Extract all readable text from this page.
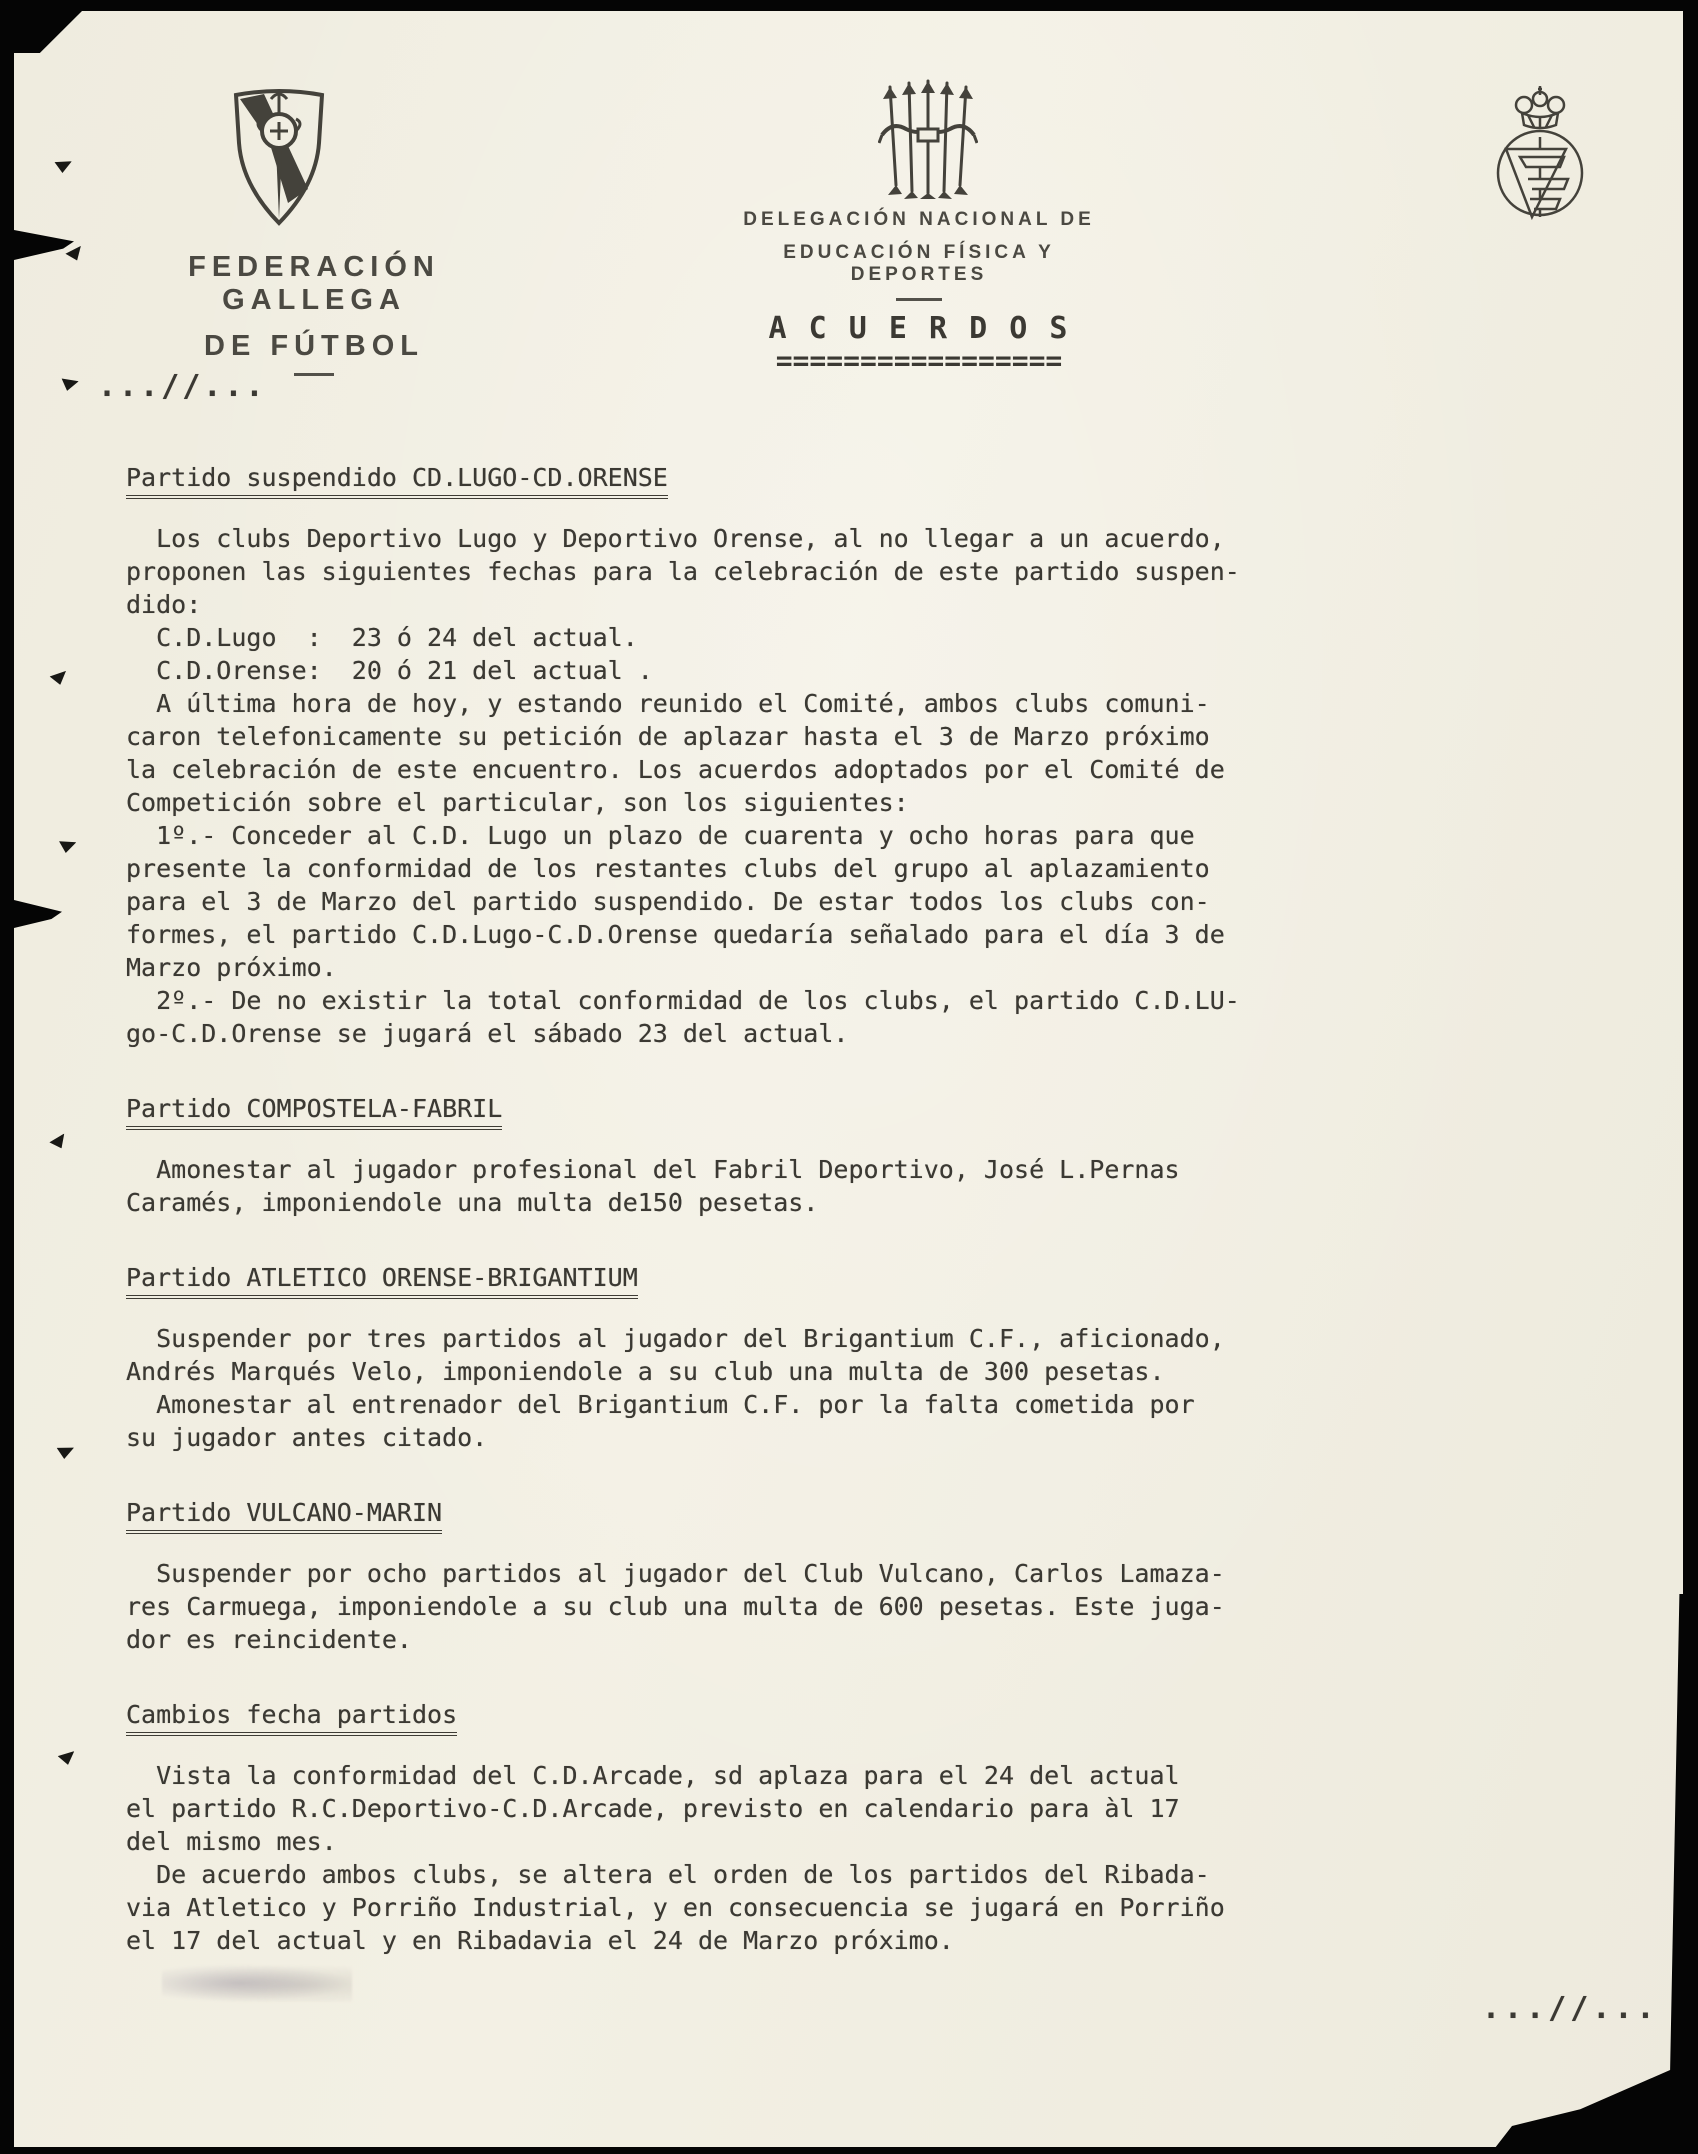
FEDERACIÓN GALLEGA
DE FÚTBOL
DELEGACIÓN NACIONAL DE
EDUCACIÓN FÍSICA Y DEPORTES
A C U E R D O S
=================
...//...
...//...
Partido suspendido CD.LUGO-CD.ORENSE
Los clubs Deportivo Lugo y Deportivo Orense, al no llegar a un acuerdo,
proponen las siguientes fechas para la celebración de este partido suspen-
dido:
C.D.Lugo  :  23 ó 24 del actual.
C.D.Orense:  20 ó 21 del actual .
A última hora de hoy, y estando reunido el Comité, ambos clubs comuni-
caron telefonicamente su petición de aplazar hasta el 3 de Marzo próximo
la celebración de este encuentro. Los acuerdos adoptados por el Comité de
Competición sobre el particular, son los siguientes:
1º.- Conceder al C.D. Lugo un plazo de cuarenta y ocho horas para que
presente la conformidad de los restantes clubs del grupo al aplazamiento
para el 3 de Marzo del partido suspendido. De estar todos los clubs con-
formes, el partido C.D.Lugo-C.D.Orense quedaría señalado para el día 3 de
Marzo próximo.
2º.- De no existir la total conformidad de los clubs, el partido C.D.LU-
go-C.D.Orense se jugará el sábado 23 del actual.
Partido COMPOSTELA-FABRIL
Amonestar al jugador profesional del Fabril Deportivo, José L.Pernas
Caramés, imponiendole una multa de150 pesetas.
Partido ATLETICO ORENSE-BRIGANTIUM
Suspender por tres partidos al jugador del Brigantium C.F., aficionado,
Andrés Marqués Velo, imponiendole a su club una multa de 300 pesetas.
Amonestar al entrenador del Brigantium C.F. por la falta cometida por
su jugador antes citado.
Partido VULCANO-MARIN
Suspender por ocho partidos al jugador del Club Vulcano, Carlos Lamaza-
res Carmuega, imponiendole a su club una multa de 600 pesetas. Este juga-
dor es reincidente.
Cambios fecha partidos
Vista la conformidad del C.D.Arcade, sd aplaza para el 24 del actual
el partido R.C.Deportivo-C.D.Arcade, previsto en calendario para àl 17
del mismo mes.
De acuerdo ambos clubs, se altera el orden de los partidos del Ribada-
via Atletico y Porriño Industrial, y en consecuencia se jugará en Porriño
el 17 del actual y en Ribadavia el 24 de Marzo próximo.
